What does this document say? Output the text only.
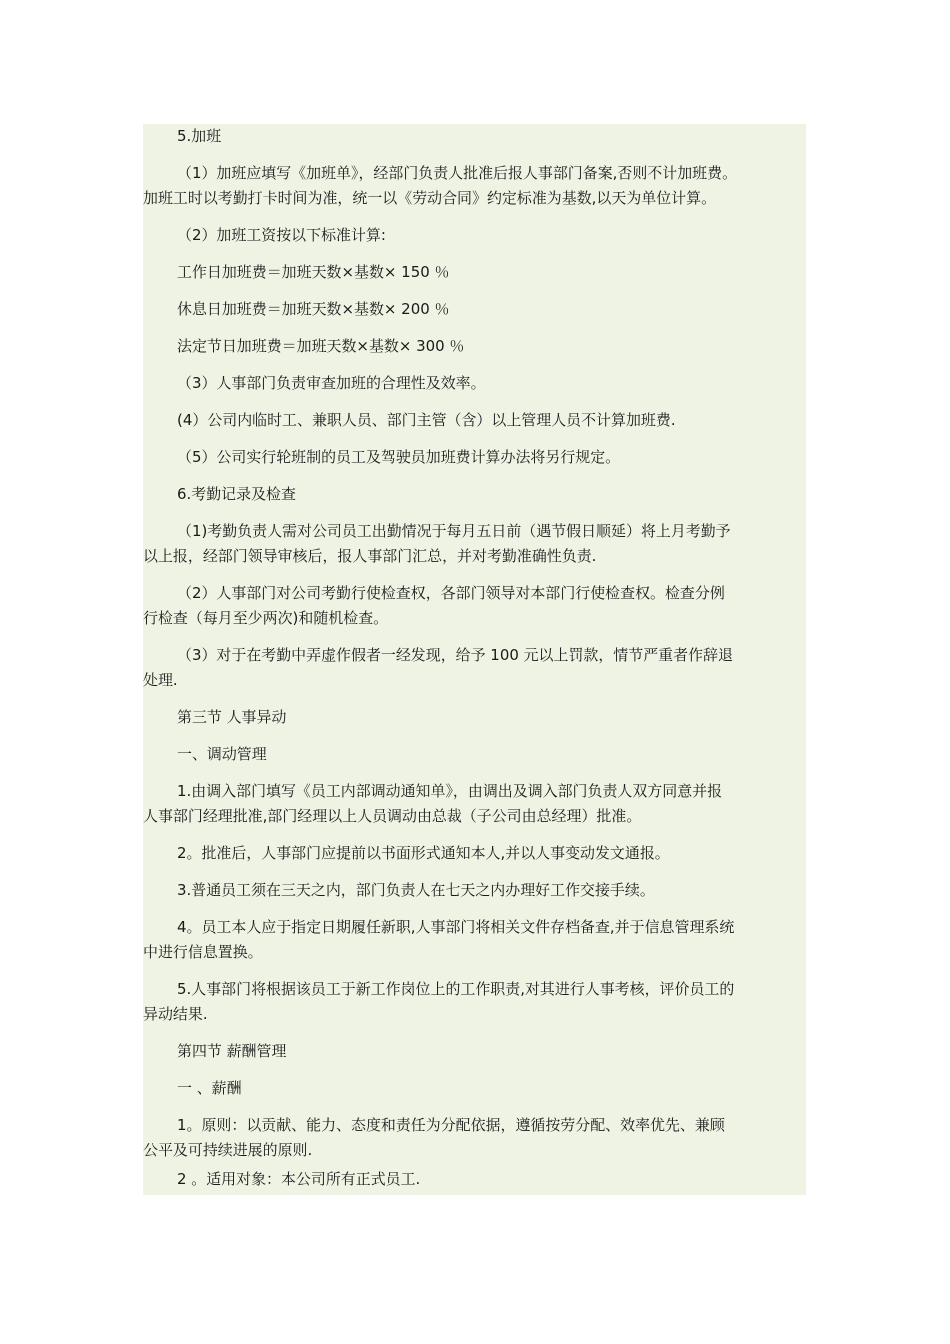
5.加班

（1）加班应填写《加班单》，经部门负责人批准后报人事部门备案,否则不计加班费。
加班工时以考勤打卡时间为准，统一以《劳动合同》约定标准为基数,以天为单位计算。

（2）加班工资按以下标准计算:

工作日加班费＝加班天数×基数× 150 ％

休息日加班费＝加班天数×基数× 200 ％

法定节日加班费＝加班天数×基数× 300 ％

（3）人事部门负责审查加班的合理性及效率。

(4）公司内临时工、兼职人员、部门主管（含）以上管理人员不计算加班费.

（5）公司实行轮班制的员工及驾驶员加班费计算办法将另行规定。

6.考勤记录及检查

（1)考勤负责人需对公司员工出勤情况于每月五日前（遇节假日顺延）将上月考勤予
以上报，经部门领导审核后，报人事部门汇总，并对考勤准确性负责.

（2）人事部门对公司考勤行使检查权，各部门领导对本部门行使检查权。检查分例
行检查（每月至少两次)和随机检查。

（3）对于在考勤中弄虚作假者一经发现，给予 100 元以上罚款，情节严重者作辞退
处理.

第三节 人事异动

一、调动管理

1.由调入部门填写《员工内部调动通知单》，由调出及调入部门负责人双方同意并报
人事部门经理批准,部门经理以上人员调动由总裁（子公司由总经理）批准。

2。批准后，人事部门应提前以书面形式通知本人,并以人事变动发文通报。

3.普通员工须在三天之内，部门负责人在七天之内办理好工作交接手续。

4。员工本人应于指定日期履任新职,人事部门将相关文件存档备查,并于信息管理系统
中进行信息置换。

5.人事部门将根据该员工于新工作岗位上的工作职责,对其进行人事考核，评价员工的
异动结果.

第四节 薪酬管理

一 、薪酬

1。原则：以贡献、能力、态度和责任为分配依据，遵循按劳分配、效率优先、兼顾
公平及可持续进展的原则.

2 。适用对象：本公司所有正式员工.
